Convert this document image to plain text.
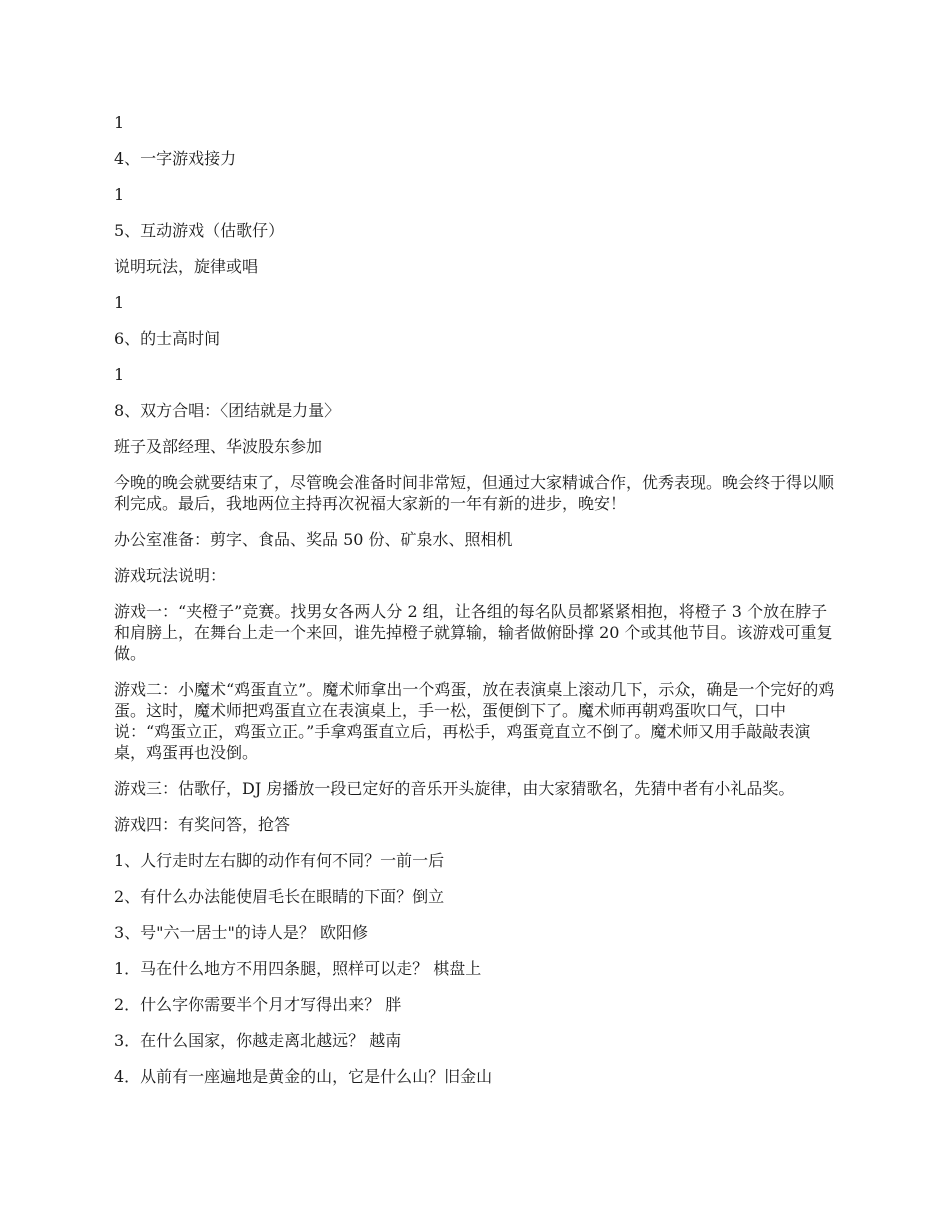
1

4、一字游戏接力

1

5、互动游戏（估歌仔）

说明玩法，旋律或唱

1

6、的士高时间

1

8、双方合唱：〈团结就是力量〉

班子及部经理、华波股东参加

今晚的晚会就要结束了，尽管晚会准备时间非常短，但通过大家精诚合作，优秀表现。晚会终于得以顺利完成。最后，我地两位主持再次祝福大家新的一年有新的进步，晚安！

办公室准备：剪字、食品、奖品 50 份、矿泉水、照相机

游戏玩法说明：

游戏一：“夹橙子”竞赛。找男女各两人分 2 组，让各组的每名队员都紧紧相抱，将橙子 3 个放在脖子和肩膀上，在舞台上走一个来回，谁先掉橙子就算输，输者做俯卧撑 20 个或其他节目。该游戏可重复做。

游戏二：小魔术“鸡蛋直立”。魔术师拿出一个鸡蛋，放在表演桌上滚动几下，示众，确是一个完好的鸡蛋。这时，魔术师把鸡蛋直立在表演桌上，手一松，蛋便倒下了。魔术师再朝鸡蛋吹口气，口中说：“鸡蛋立正，鸡蛋立正。”手拿鸡蛋直立后，再松手，鸡蛋竟直立不倒了。魔术师又用手敲敲表演桌，鸡蛋再也没倒。

游戏三：估歌仔，DJ 房播放一段已定好的音乐开头旋律，由大家猜歌名，先猜中者有小礼品奖。

游戏四：有奖问答，抢答

1、人行走时左右脚的动作有何不同？一前一后

2、有什么办法能使眉毛长在眼睛的下面？倒立

3、号"六一居士"的诗人是？ 欧阳修

1．马在什么地方不用四条腿，照样可以走？ 棋盘上

2．什么字你需要半个月才写得出来？ 胖

3．在什么国家，你越走离北越远？ 越南

4．从前有一座遍地是黄金的山，它是什么山？旧金山
